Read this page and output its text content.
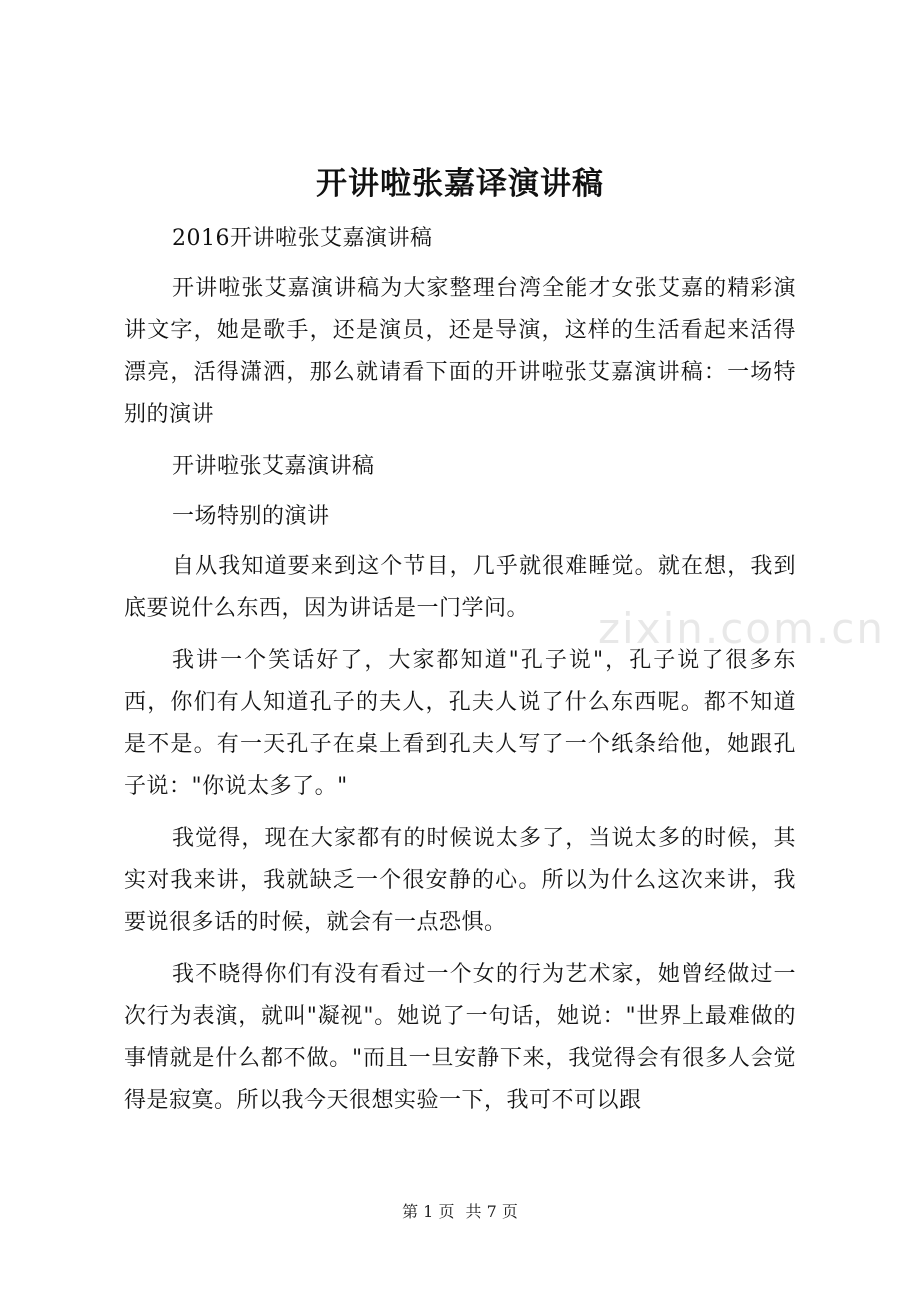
开讲啦张嘉译演讲稿

2016开讲啦张艾嘉演讲稿

开讲啦张艾嘉演讲稿为大家整理台湾全能才女张艾嘉的精彩演讲文字，她是歌手，还是演员，还是导演，这样的生活看起来活得漂亮，活得潇洒，那么就请看下面的开讲啦张艾嘉演讲稿：一场特别的演讲

开讲啦张艾嘉演讲稿

一场特别的演讲

自从我知道要来到这个节目，几乎就很难睡觉。就在想，我到底要说什么东西，因为讲话是一门学问。

我讲一个笑话好了，大家都知道"孔子说"，孔子说了很多东西，你们有人知道孔子的夫人，孔夫人说了什么东西呢。都不知道是不是。有一天孔子在桌上看到孔夫人写了一个纸条给他，她跟孔子说："你说太多了。"

我觉得，现在大家都有的时候说太多了，当说太多的时候，其实对我来讲，我就缺乏一个很安静的心。所以为什么这次来讲，我要说很多话的时候，就会有一点恐惧。

我不晓得你们有没有看过一个女的行为艺术家，她曾经做过一次行为表演，就叫"凝视"。她说了一句话，她说："世界上最难做的事情就是什么都不做。"而且一旦安静下来，我觉得会有很多人会觉得是寂寞。所以我今天很想实验一下，我可不可以跟

zixin.com.cn
第 1 页 共 7 页
